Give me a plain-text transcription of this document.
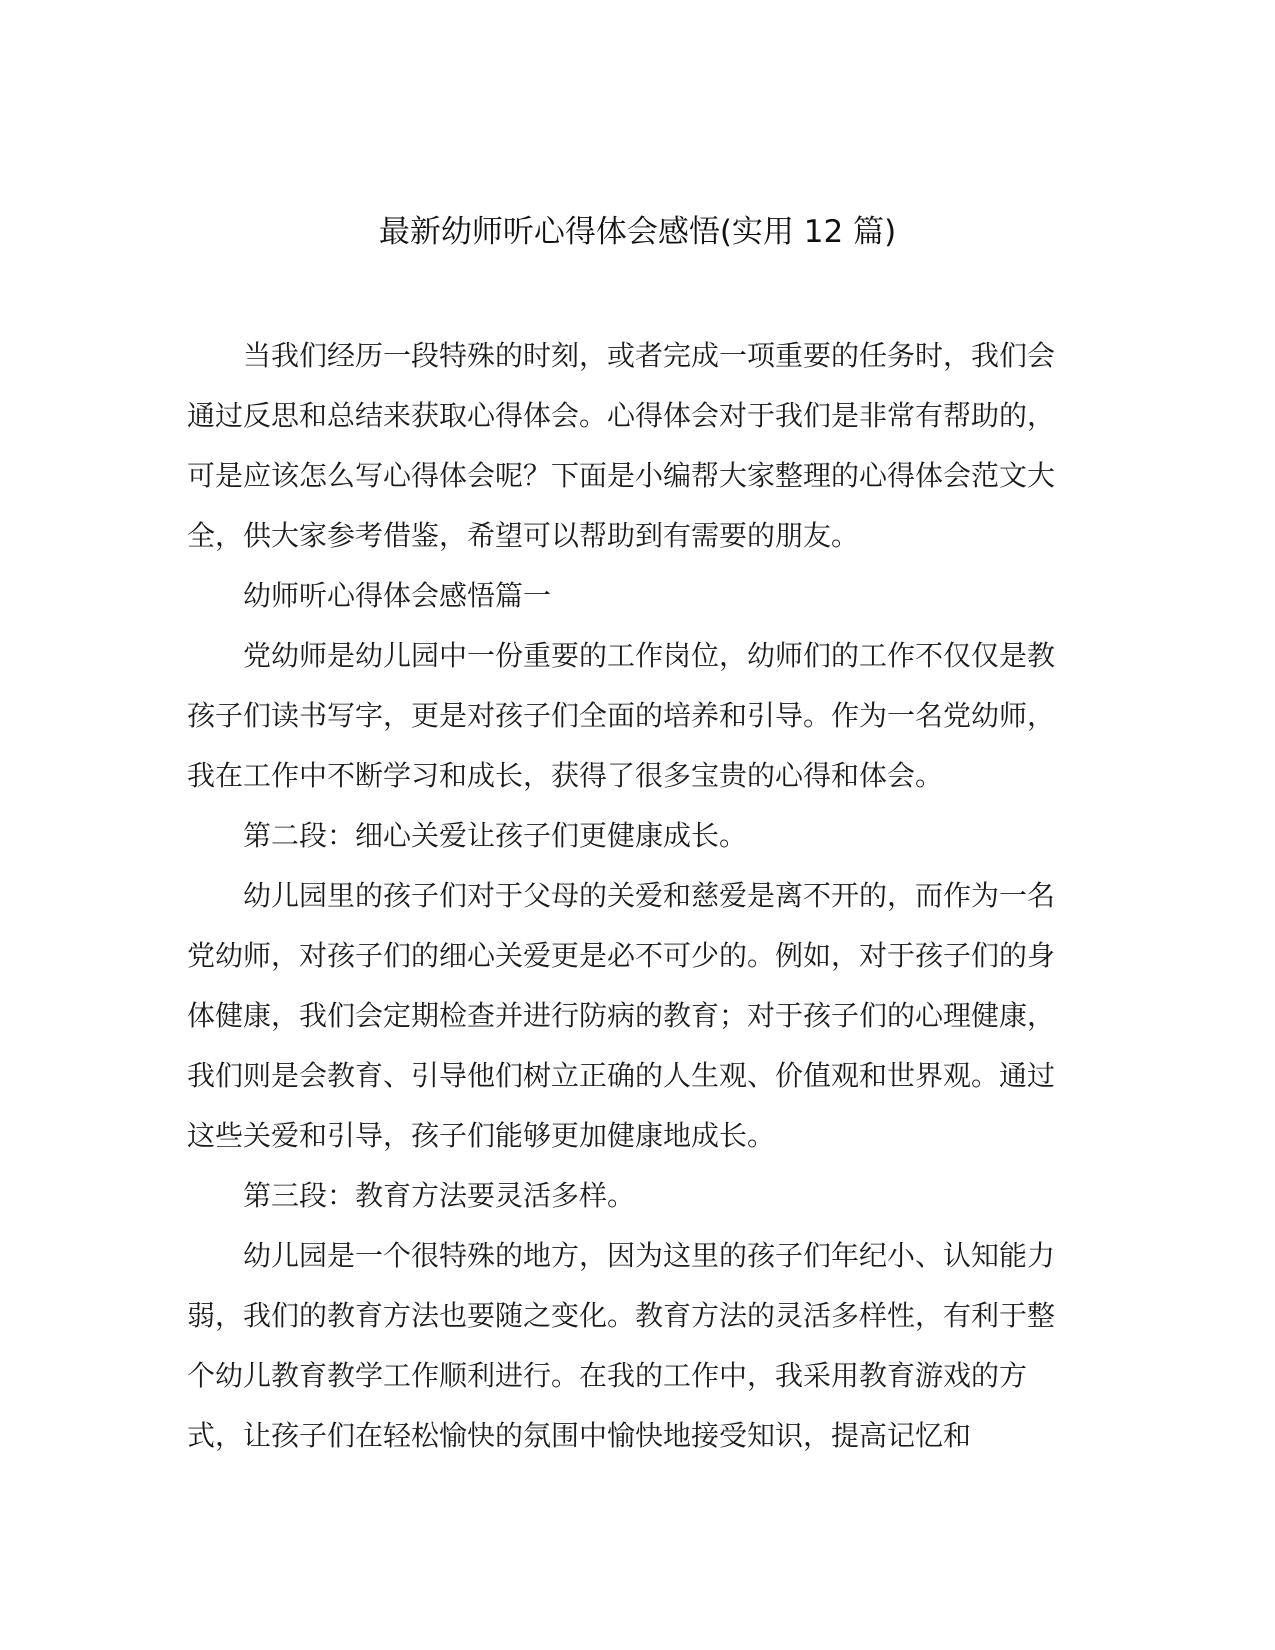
最新幼师听心得体会感悟(实用 12 篇)

当我们经历一段特殊的时刻，或者完成一项重要的任务时，我们会通过反思和总结来获取心得体会。心得体会对于我们是非常有帮助的，可是应该怎么写心得体会呢？下面是小编帮大家整理的心得体会范文大全，供大家参考借鉴，希望可以帮助到有需要的朋友。

幼师听心得体会感悟篇一

党幼师是幼儿园中一份重要的工作岗位，幼师们的工作不仅仅是教孩子们读书写字，更是对孩子们全面的培养和引导。作为一名党幼师，我在工作中不断学习和成长，获得了很多宝贵的心得和体会。

第二段：细心关爱让孩子们更健康成长。

幼儿园里的孩子们对于父母的关爱和慈爱是离不开的，而作为一名党幼师，对孩子们的细心关爱更是必不可少的。例如，对于孩子们的身体健康，我们会定期检查并进行防病的教育；对于孩子们的心理健康，我们则是会教育、引导他们树立正确的人生观、价值观和世界观。通过这些关爱和引导，孩子们能够更加健康地成长。

第三段：教育方法要灵活多样。

幼儿园是一个很特殊的地方，因为这里的孩子们年纪小、认知能力弱，我们的教育方法也要随之变化。教育方法的灵活多样性，有利于整个幼儿教育教学工作顺利进行。在我的工作中，我采用教育游戏的方式，让孩子们在轻松愉快的氛围中愉快地接受知识，提高记忆和
